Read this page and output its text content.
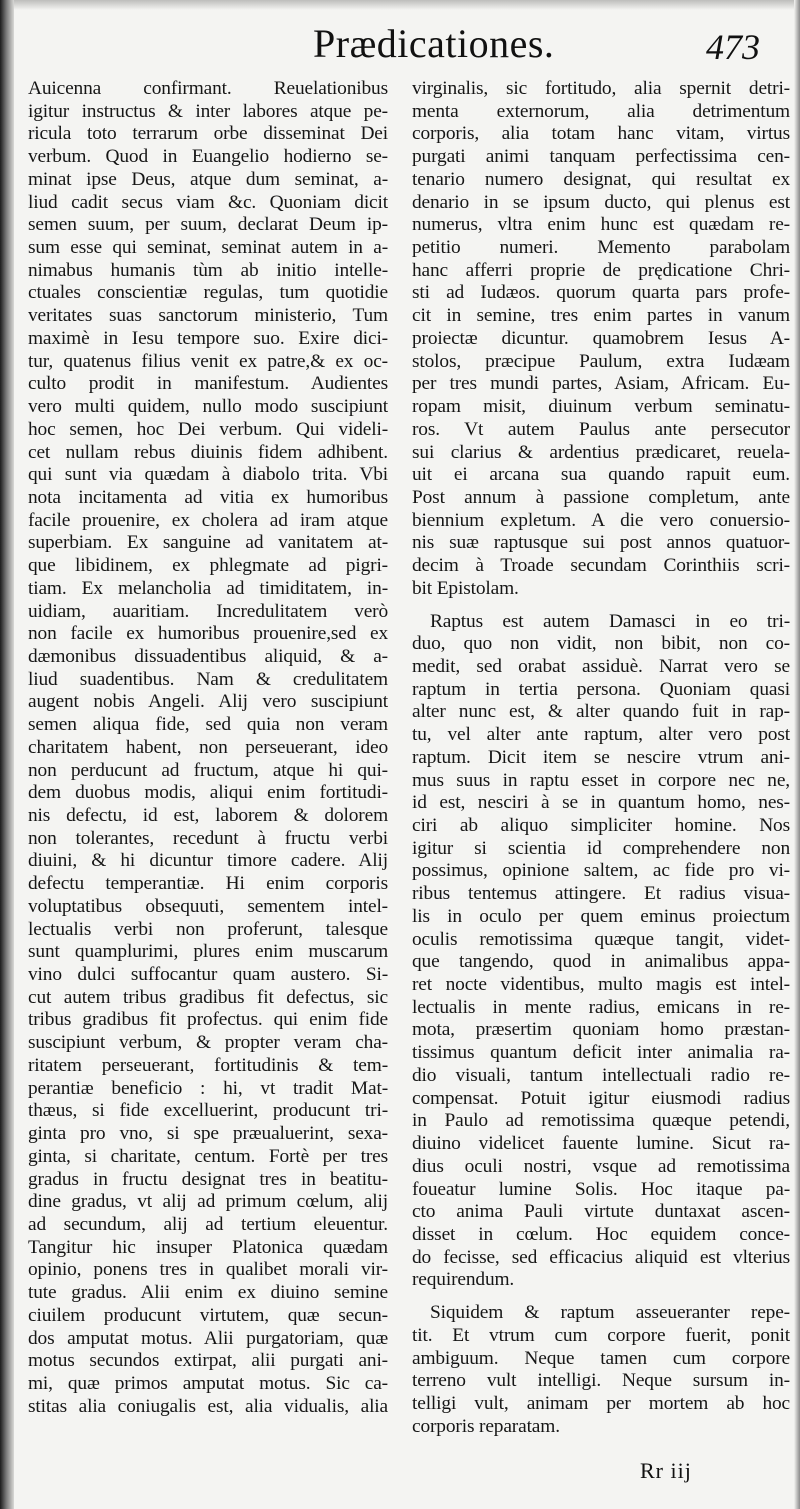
Prædicationes.	473
Auicenna confirmant. Reuelationibus
igitur instructus & inter labores atque pe-
ricula toto terrarum orbe disseminat Dei
verbum. Quod in Euangelio hodierno se-
minat ipse Deus, atque dum seminat, a-
liud cadit secus viam &c. Quoniam dicit
semen suum, per suum, declarat Deum ip-
sum esse qui seminat, seminat autem in a-
nimabus humanis tùm ab initio intelle-
ctuales conscientiæ regulas, tum quotidie
veritates suas sanctorum ministerio, Tum
maximè in Iesu tempore suo. Exire dici-
tur, quatenus filius venit ex patre,& ex oc-
culto prodit in manifestum. Audientes
vero multi quidem, nullo modo suscipiunt
hoc semen, hoc Dei verbum. Qui videli-
cet nullam rebus diuinis fidem adhibent.
qui sunt via quædam à diabolo trita. Vbi
nota incitamenta ad vitia ex humoribus
facile prouenire, ex cholera ad iram atque
superbiam. Ex sanguine ad vanitatem at-
que libidinem, ex phlegmate ad pigri-
tiam. Ex melancholia ad timiditatem, in-
uidiam, auaritiam. Incredulitatem verò
non facile ex humoribus prouenire,sed ex
dæmonibus dissuadentibus aliquid, & a-
liud suadentibus. Nam & credulitatem
augent nobis Angeli. Alij vero suscipiunt
semen aliqua fide, sed quia non veram
charitatem habent, non perseuerant, ideo
non perducunt ad fructum, atque hi qui-
dem duobus modis, aliqui enim fortitudi-
nis defectu, id est, laborem & dolorem
non tolerantes, recedunt à fructu verbi
diuini, & hi dicuntur timore cadere. Alij
defectu temperantiæ. Hi enim corporis
voluptatibus obsequuti, sementem intel-
lectualis verbi non proferunt, talesque
sunt quamplurimi, plures enim muscarum
vino dulci suffocantur quam austero. Si-
cut autem tribus gradibus fit defectus, sic
tribus gradibus fit profectus. qui enim fide
suscipiunt verbum, & propter veram cha-
ritatem perseuerant, fortitudinis & tem-
perantiæ beneficio : hi, vt tradit Mat-
thæus, si fide excelluerint, producunt tri-
ginta pro vno, si spe præualuerint, sexa-
ginta, si charitate, centum. Fortè per tres
gradus in fructu designat tres in beatitu-
dine gradus, vt alij ad primum cœlum, alij
ad secundum, alij ad tertium eleuentur.
Tangitur hic insuper Platonica quædam
opinio, ponens tres in qualibet morali vir-
tute gradus. Alii enim ex diuino semine
ciuilem producunt virtutem, quæ secun-
dos amputat motus. Alii purgatoriam, quæ
motus secundos extirpat, alii purgati ani-
mi, quæ primos amputat motus. Sic ca-
stitas alia coniugalis est, alia vidualis, alia
virginalis, sic fortitudo, alia spernit detri-
menta externorum, alia detrimentum
corporis, alia totam hanc vitam, virtus
purgati animi tanquam perfectissima cen-
tenario numero designat, qui resultat ex
denario in se ipsum ducto, qui plenus est
numerus, vltra enim hunc est quædam re-
petitio numeri. Memento parabolam
hanc afferri proprie de prędicatione Chri-
sti ad Iudæos. quorum quarta pars profe-
cit in semine, tres enim partes in vanum
proiectæ dicuntur. quamobrem Iesus A-
stolos, præcipue Paulum, extra Iudæam
per tres mundi partes, Asiam, Africam. Eu-
ropam misit, diuinum verbum seminatu-
ros. Vt autem Paulus ante persecutor
sui clarius & ardentius prædicaret, reuela-
uit ei arcana sua quando rapuit eum.
Post annum à passione completum, ante
biennium expletum. A die vero conuersio-
nis suæ raptusque sui post annos quatuor-
decim à Troade secundam Corinthiis scri-
bit Epistolam.
Raptus est autem Damasci in eo tri-
duo, quo non vidit, non bibit, non co-
medit, sed orabat assiduè. Narrat vero se
raptum in tertia persona. Quoniam quasi
alter nunc est, & alter quando fuit in rap-
tu, vel alter ante raptum, alter vero post
raptum. Dicit item se nescire vtrum ani-
mus suus in raptu esset in corpore nec ne,
id est, nesciri à se in quantum homo, nes-
ciri ab aliquo simpliciter homine. Nos
igitur si scientia id comprehendere non
possimus, opinione saltem, ac fide pro vi-
ribus tentemus attingere. Et radius visua-
lis in oculo per quem eminus proiectum
oculis remotissima quæque tangit, videt-
que tangendo, quod in animalibus appa-
ret nocte videntibus, multo magis est intel-
lectualis in mente radius, emicans in re-
mota, præsertim quoniam homo præstan-
tissimus quantum deficit inter animalia ra-
dio visuali, tantum intellectuali radio re-
compensat. Potuit igitur eiusmodi radius
in Paulo ad remotissima quæque petendi,
diuino videlicet fauente lumine. Sicut ra-
dius oculi nostri, vsque ad remotissima
foueatur lumine Solis. Hoc itaque pa-
cto anima Pauli virtute duntaxat ascen-
disset in cœlum. Hoc equidem conce-
do fecisse, sed efficacius aliquid est vlterius
requirendum.
Siquidem & raptum asseueranter repe-
tit. Et vtrum cum corpore fuerit, ponit
ambiguum. Neque tamen cum corpore
terreno vult intelligi. Neque sursum in-
telligi vult, animam per mortem ab hoc
corporis reparatam.
Rr iij
